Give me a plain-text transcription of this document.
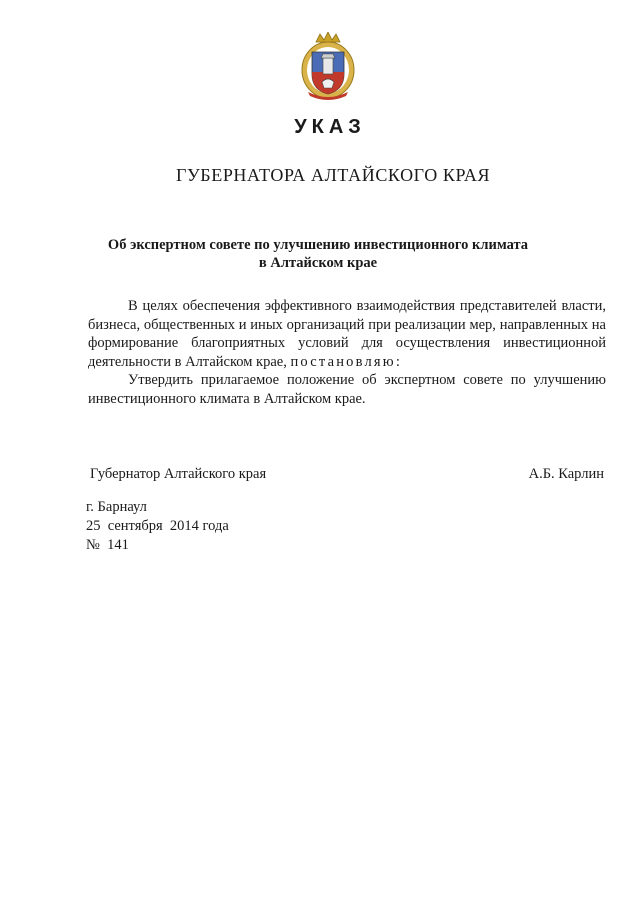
УКАЗ
ГУБЕРНАТОРА АЛТАЙСКОГО КРАЯ
Об экспертном совете по улучшению инвестиционного климата
в Алтайском крае

В целях обеспечения эффективного взаимодействия представителей власти, бизнеса, общественных и иных организаций при реализации мер, направленных на формирование благоприятных условий для осуществления инвестиционной деятельности в Алтайском крае, постановляю:

Утвердить прилагаемое положение об экспертном совете по улучшению инвестиционного климата в Алтайском крае.

Губернатор Алтайского края	А.Б. Карлин
г. Барнаул
25  сентября  2014 года
№  141
